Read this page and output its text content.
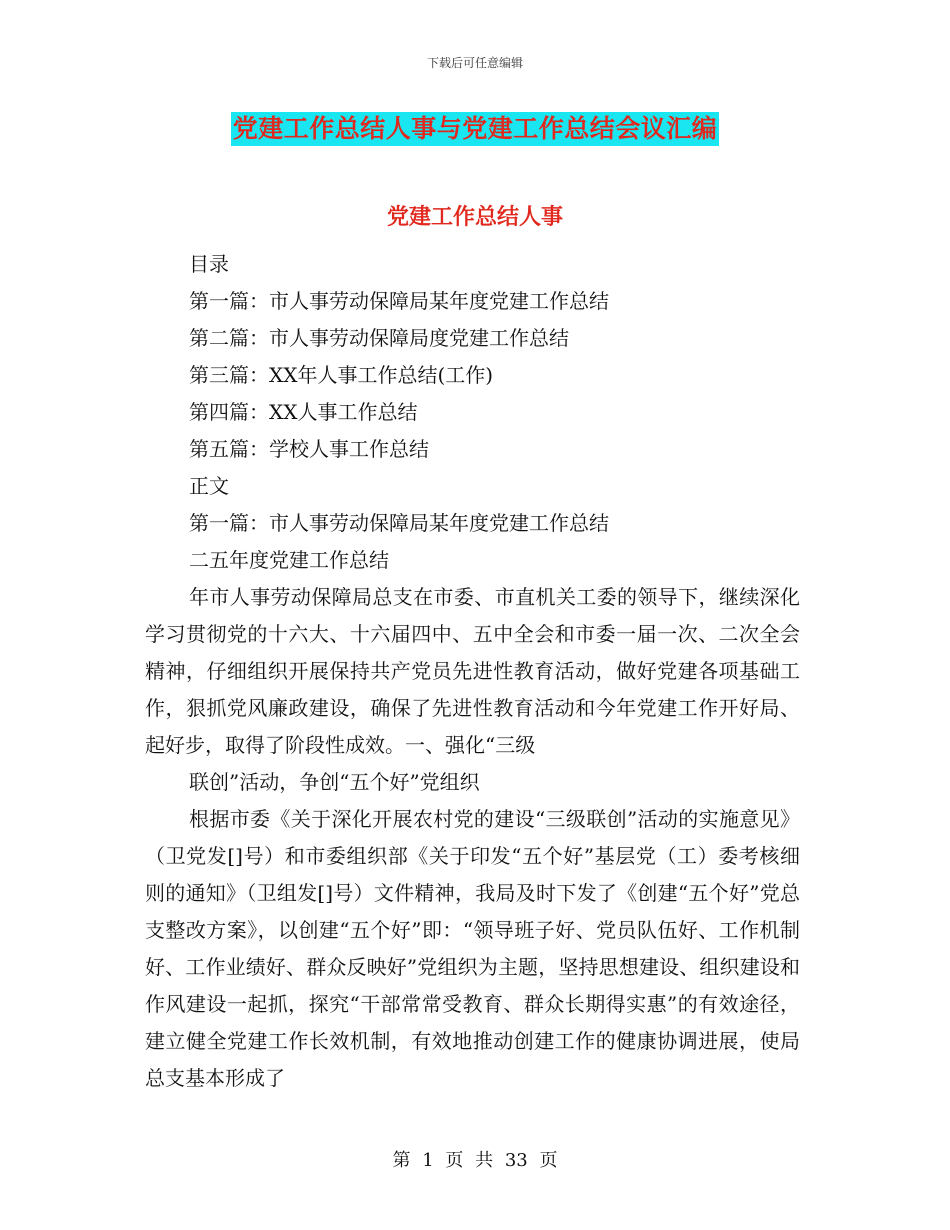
下载后可任意编辑
党建工作总结人事与党建工作总结会议汇编
党建工作总结人事

目录

第一篇：市人事劳动保障局某年度党建工作总结

第二篇：市人事劳动保障局度党建工作总结

第三篇：XX年人事工作总结(工作)

第四篇：XX人事工作总结

第五篇：学校人事工作总结

正文

第一篇：市人事劳动保障局某年度党建工作总结

二五年度党建工作总结

年市人事劳动保障局总支在市委、市直机关工委的领导下，继续深化学习贯彻党的十六大、十六届四中、五中全会和市委一届一次、二次全会精神，仔细组织开展保持共产党员先进性教育活动，做好党建各项基础工作，狠抓党风廉政建设，确保了先进性教育活动和今年党建工作开好局、起好步，取得了阶段性成效。一、强化“三级

联创”活动，争创“五个好”党组织

根据市委《关于深化开展农村党的建设“三级联创”活动的实施意见》（卫党发[]号）和市委组织部《关于印发“五个好”基层党（工）委考核细则的通知》（卫组发[]号）文件精神，我局及时下发了《创建“五个好”党总支整改方案》，以创建“五个好”即：“领导班子好、党员队伍好、工作机制好、工作业绩好、群众反映好”党组织为主题，坚持思想建设、组织建设和作风建设一起抓，探究“干部常常受教育、群众长期得实惠”的有效途径，建立健全党建工作长效机制，有效地推动创建工作的健康协调进展，使局总支基本形成了

第 1 页 共 33 页
